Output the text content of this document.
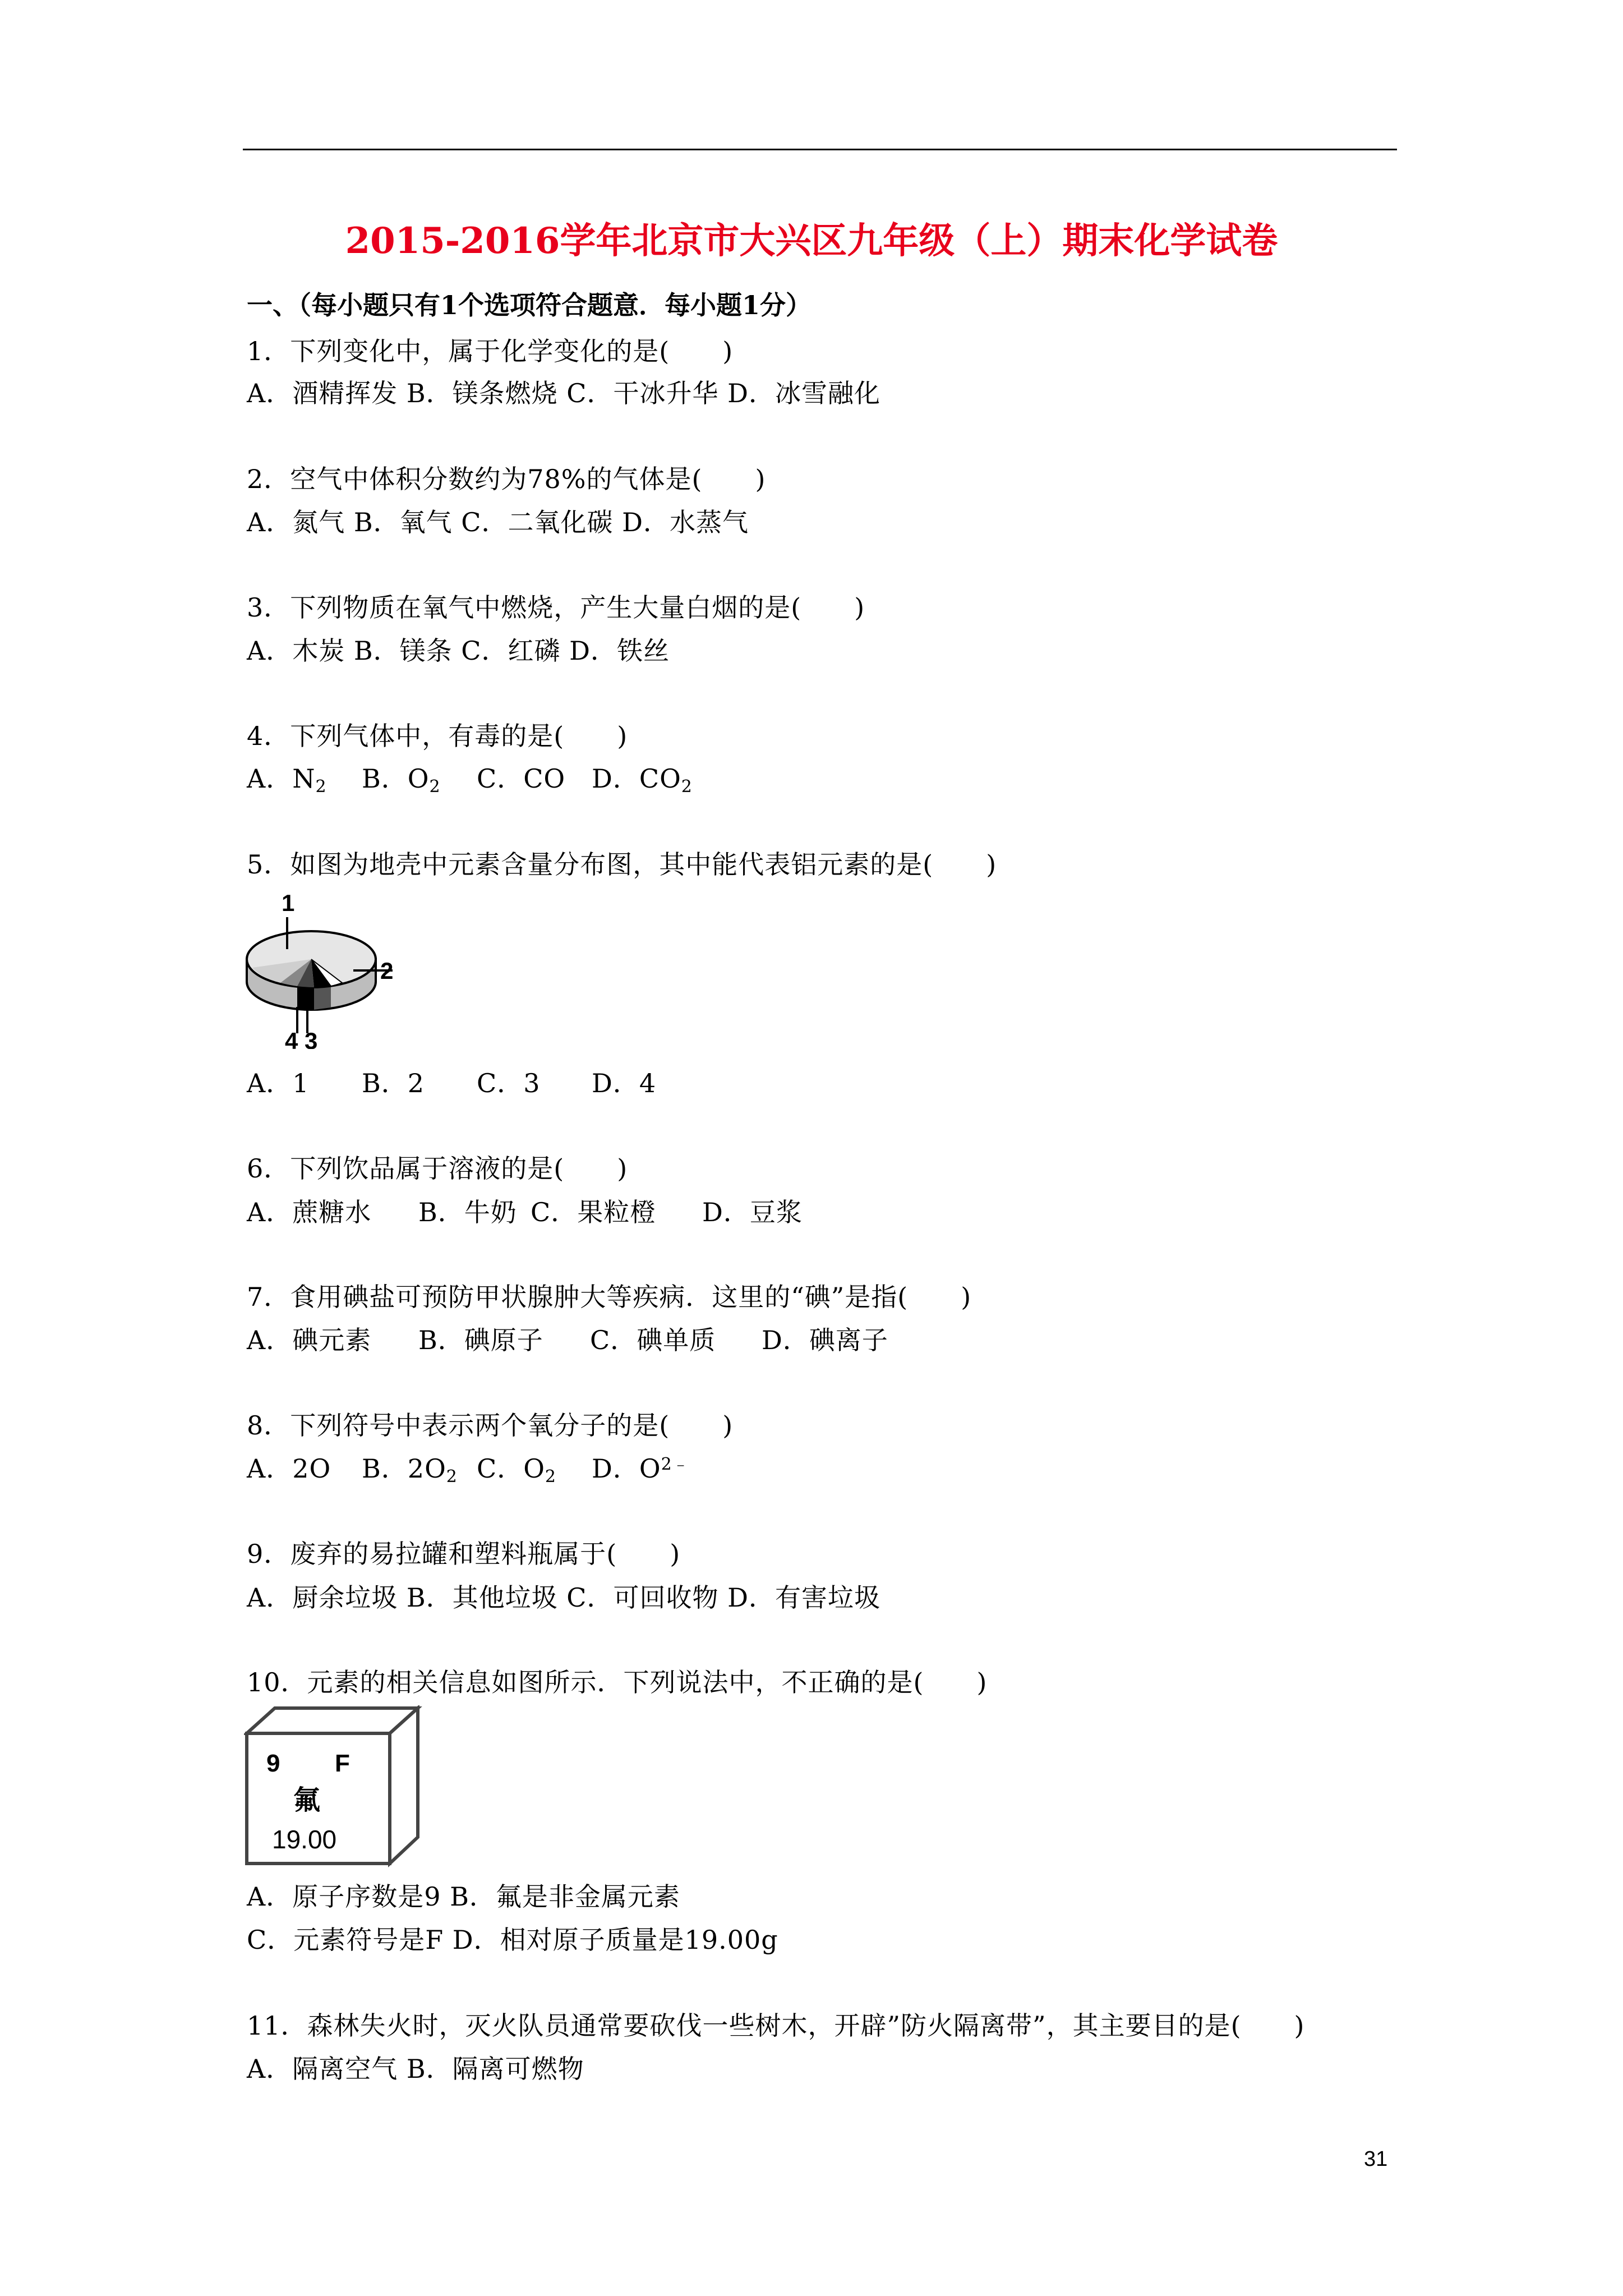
2015-2016学年北京市大兴区九年级（上）期末化学试卷
一、（每小题只有1个选项符合题意．每小题1分）
1．下列变化中，属于化学变化的是(　　)
A．酒精挥发 B．镁条燃烧 C．干冰升华 D．冰雪融化
2．空气中体积分数约为78%的气体是(　　)
A．氮气 B．氧气 C．二氧化碳 D．水蒸气
3．下列物质在氧气中燃烧，产生大量白烟的是(　　)
A．木炭 B．镁条 C．红磷 D．铁丝
4．下列气体中，有毒的是(　　)
A．$N_2$ B．$O_2$ C．CO D．$CO_2$
5．如图为地壳中元素含量分布图，其中能代表铝元素的是(　　)
1
2
3
4
A．1 B．2 C．3 D．4
6．下列饮品属于溶液的是(　　)
A．蔗糖水 B．牛奶 C．果粒橙 D．豆浆
7．食用碘盐可预防甲状腺肿大等疾病．这里的“碘”是指(　　)
A．碘元素 B．碘原子 C．碘单质 D．碘离子
8．下列符号中表示两个氧分子的是(　　)
A．2O B．$2O_2$ C．$O_2$ D．$O^{2﹣}$
9．废弃的易拉罐和塑料瓶属于(　　)
A．厨余垃圾 B．其他垃圾 C．可回收物 D．有害垃圾
10．元素的相关信息如图所示．下列说法中，不正确的是(　　)
9 F
氟
19.00
A．原子序数是9 B．氟是非金属元素
C．元素符号是F D．相对原子质量是19.00g
11．森林失火时，灭火队员通常要砍伐一些树木，开辟”防火隔离带”，其主要目的是(　　)
A．隔离空气 B．隔离可燃物
31
